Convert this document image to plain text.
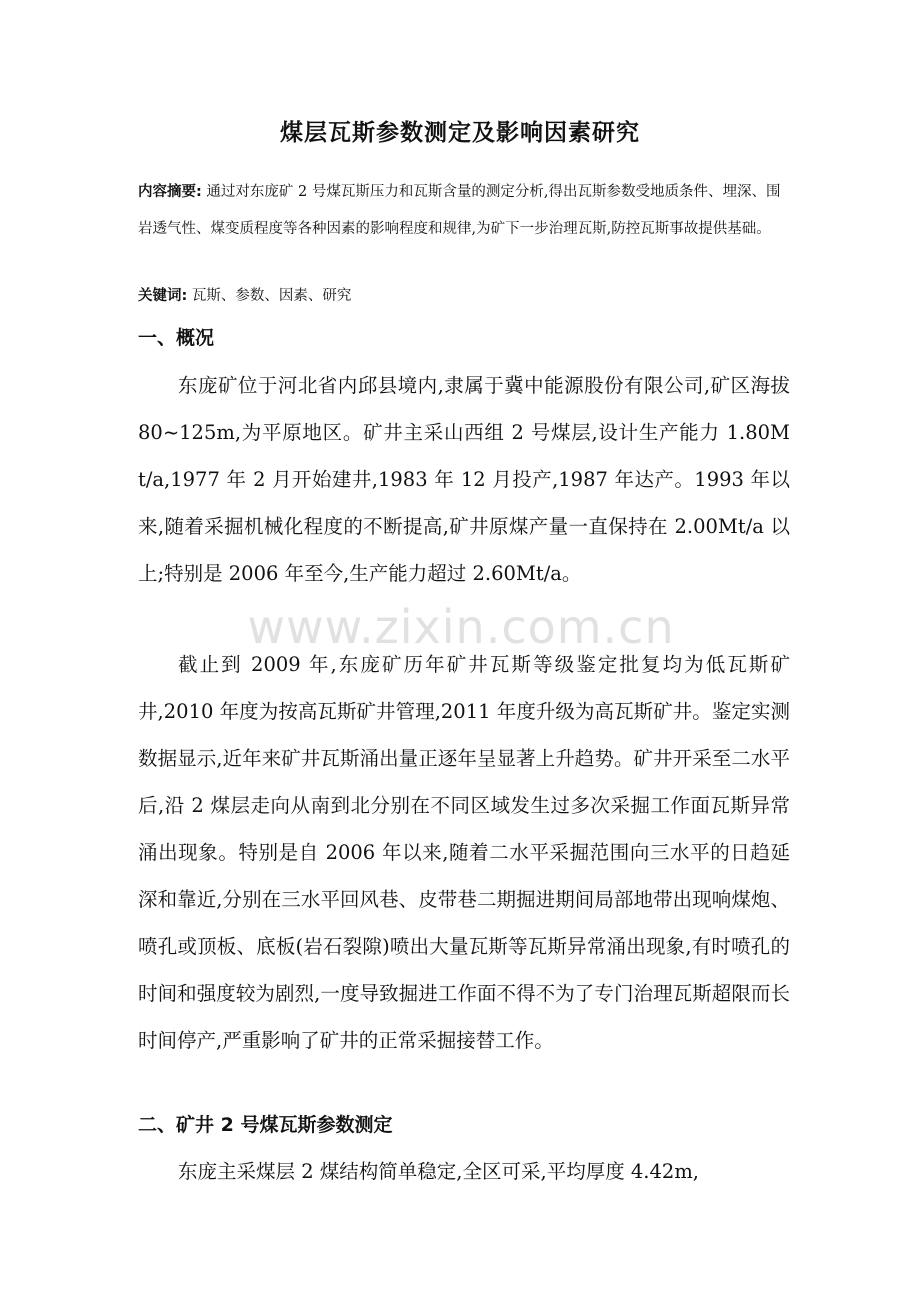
煤层瓦斯参数测定及影响因素研究
内容摘要: 通过对东庞矿 2 号煤瓦斯压力和瓦斯含量的测定分析,得出瓦斯参数受地质条件、埋深、围岩透气性、煤变质程度等各种因素的影响程度和规律,为矿下一步治理瓦斯,防控瓦斯事故提供基础。
关键词: 瓦斯、参数、因素、研究
一、概况
东庞矿位于河北省内邱县境内,隶属于冀中能源股份有限公司,矿区海拔 80~125m,为平原地区。矿井主采山西组 2 号煤层,设计生产能力 1.80M t/a,1977 年 2 月开始建井,1983 年 12 月投产,1987 年达产。1993 年以来,随着采掘机械化程度的不断提高,矿井原煤产量一直保持在 2.00Mt/a 以上;特别是 2006 年至今,生产能力超过 2.60Mt/a。
截止到 2009 年,东庞矿历年矿井瓦斯等级鉴定批复均为低瓦斯矿井,2010 年度为按高瓦斯矿井管理,2011 年度升级为高瓦斯矿井。鉴定实测数据显示,近年来矿井瓦斯涌出量正逐年呈显著上升趋势。矿井开采至二水平后,沿 2 煤层走向从南到北分别在不同区域发生过多次采掘工作面瓦斯异常涌出现象。特别是自 2006 年以来,随着二水平采掘范围向三水平的日趋延深和靠近,分别在三水平回风巷、皮带巷二期掘进期间局部地带出现响煤炮、喷孔或顶板、底板(岩石裂隙)喷出大量瓦斯等瓦斯异常涌出现象,有时喷孔的时间和强度较为剧烈,一度导致掘进工作面不得不为了专门治理瓦斯超限而长时间停产,严重影响了矿井的正常采掘接替工作。
二、矿井 2 号煤瓦斯参数测定
东庞主采煤层 2 煤结构简单稳定,全区可采,平均厚度 4.42m,
www.zixin.com.cn
